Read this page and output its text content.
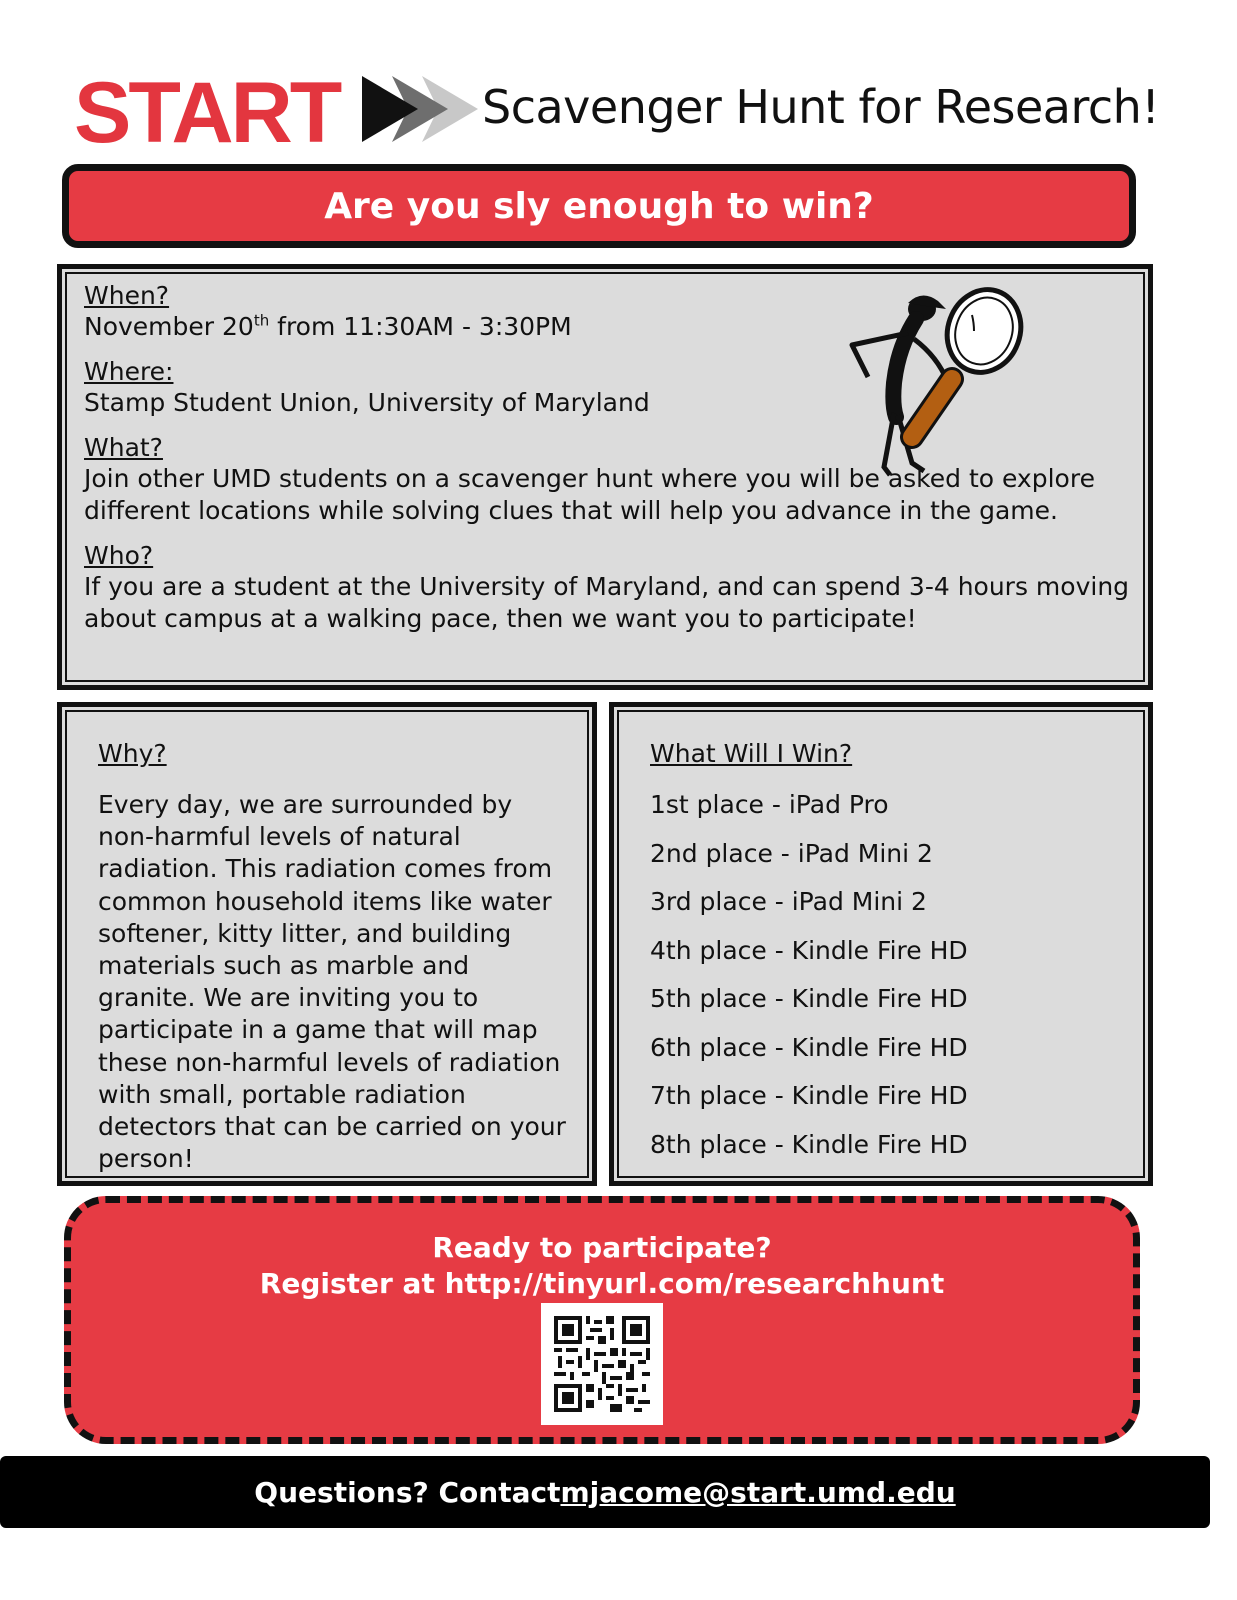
START	Scavenger Hunt for Research!
Are you sly enough to win?
When?
November 20th from 11:30AM - 3:30PM
Where:
Stamp Student Union, University of Maryland
What?
Join other UMD students on a scavenger hunt where you will be asked to explore different locations while solving clues that will help you advance in the game.
Who?
If you are a student at the University of Maryland, and can spend 3-4 hours moving about campus at a walking pace, then we want you to participate!
Why?
Every day, we are surrounded by non-harmful levels of natural radiation. This radiation comes from common household items like water softener, kitty litter, and building materials such as marble and granite. We are inviting you to participate in a game that will map these non-harmful levels of radiation with small, portable radiation detectors that can be carried on your person!
What Will I Win?
1st place - iPad Pro
2nd place - iPad Mini 2
3rd place - iPad Mini 2
4th place - Kindle Fire HD
5th place - Kindle Fire HD
6th place - Kindle Fire HD
7th place - Kindle Fire HD
8th place - Kindle Fire HD
Ready to participate?
Register at http://tinyurl.com/researchhunt
Questions? Contact mjacome@start.umd.edu
